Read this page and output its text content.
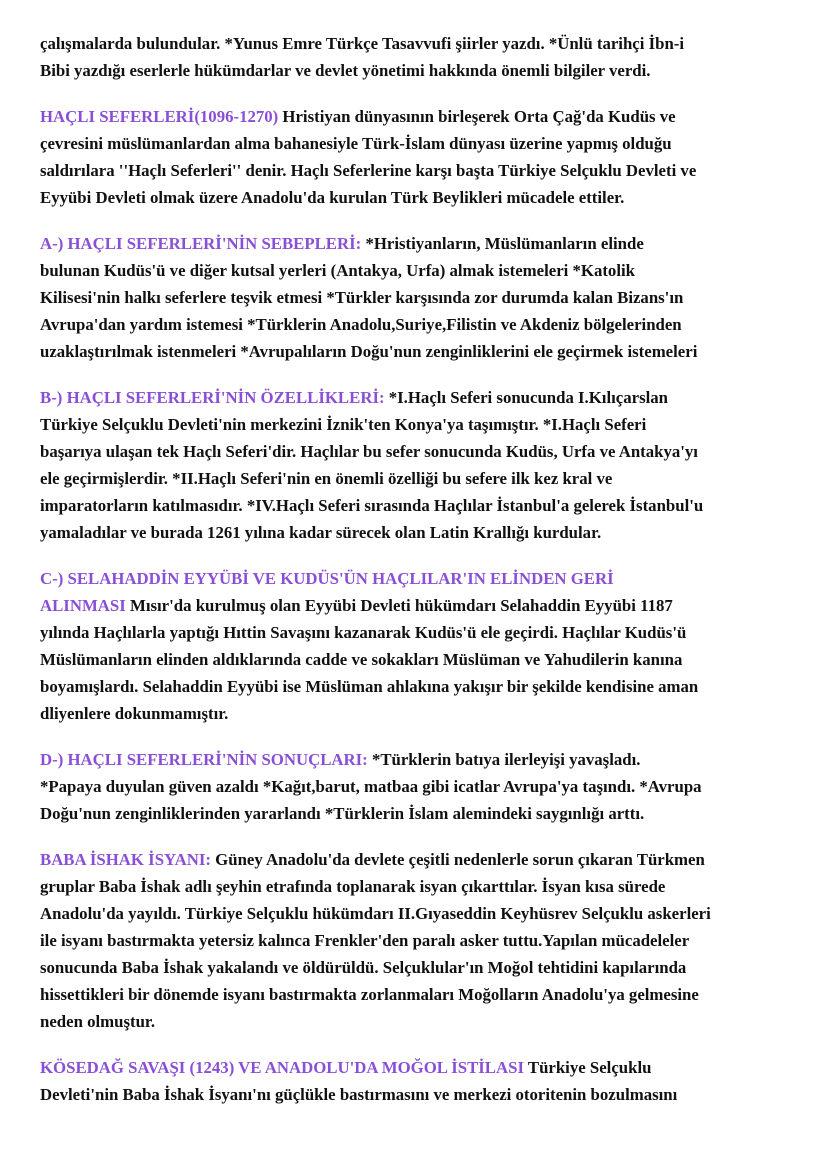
çalışmalarda bulundular. *Yunus Emre Türkçe Tasavvufi şiirler yazdı. *Ünlü tarihçi İbn-i
Bibi yazdığı eserlerle hükümdarlar ve devlet yönetimi hakkında önemli bilgiler verdi.

HAÇLI SEFERLERİ(1096-1270) Hristiyan dünyasının birleşerek Orta Çağ'da Kudüs ve
çevresini müslümanlardan alma bahanesiyle Türk-İslam dünyası üzerine yapmış olduğu
saldırılara ''Haçlı Seferleri'' denir. Haçlı Seferlerine karşı başta Türkiye Selçuklu Devleti ve
Eyyübi Devleti olmak üzere Anadolu'da kurulan Türk Beylikleri mücadele ettiler.

A-) HAÇLI SEFERLERİ'NİN SEBEPLERİ: *Hristiyanların, Müslümanların elinde
bulunan Kudüs'ü ve diğer kutsal yerleri (Antakya, Urfa) almak istemeleri *Katolik
Kilisesi'nin halkı seferlere teşvik etmesi *Türkler karşısında zor durumda kalan Bizans'ın
Avrupa'dan yardım istemesi *Türklerin Anadolu,Suriye,Filistin ve Akdeniz bölgelerinden
uzaklaştırılmak istenmeleri *Avrupalıların Doğu'nun zenginliklerini ele geçirmek istemeleri

B-) HAÇLI SEFERLERİ'NİN ÖZELLİKLERİ: *I.Haçlı Seferi sonucunda I.Kılıçarslan
Türkiye Selçuklu Devleti'nin merkezini İznik'ten Konya'ya taşımıştır. *I.Haçlı Seferi
başarıya ulaşan tek Haçlı Seferi'dir. Haçlılar bu sefer sonucunda Kudüs, Urfa ve Antakya'yı
ele geçirmişlerdir. *II.Haçlı Seferi'nin en önemli özelliği bu sefere ilk kez kral ve
imparatorların katılmasıdır. *IV.Haçlı Seferi sırasında Haçlılar İstanbul'a gelerek İstanbul'u
yamaladılar ve burada 1261 yılına kadar sürecek olan Latin Krallığı kurdular.

C-) SELAHADDİN EYYÜBİ VE KUDÜS'ÜN HAÇLILAR'IN ELİNDEN GERİ
ALINMASI Mısır'da kurulmuş olan Eyyübi Devleti hükümdarı Selahaddin Eyyübi 1187
yılında Haçlılarla yaptığı Hıttin Savaşını kazanarak Kudüs'ü ele geçirdi. Haçlılar Kudüs'ü
Müslümanların elinden aldıklarında cadde ve sokakları Müslüman ve Yahudilerin kanına
boyamışlardı. Selahaddin Eyyübi ise Müslüman ahlakına yakışır bir şekilde kendisine aman
dliyenlere dokunmamıştır.

D-) HAÇLI SEFERLERİ'NİN SONUÇLARI: *Türklerin batıya ilerleyişi yavaşladı.
*Papaya duyulan güven azaldı *Kağıt,barut, matbaa gibi icatlar Avrupa'ya taşındı. *Avrupa
Doğu'nun zenginliklerinden yararlandı *Türklerin İslam alemindeki saygınlığı arttı.

BABA İSHAK İSYANI: Güney Anadolu'da devlete çeşitli nedenlerle sorun çıkaran Türkmen
gruplar Baba İshak adlı şeyhin etrafında toplanarak isyan çıkarttılar. İsyan kısa sürede
Anadolu'da yayıldı. Türkiye Selçuklu hükümdarı II.Gıyaseddin Keyhüsrev Selçuklu askerleri
ile isyanı bastırmakta yetersiz kalınca Frenkler'den paralı asker tuttu.Yapılan mücadeleler
sonucunda Baba İshak yakalandı ve öldürüldü. Selçuklular'ın Moğol tehtidini kapılarında
hissettikleri bir dönemde isyanı bastırmakta zorlanmaları Moğolların Anadolu'ya gelmesine
neden olmuştur.

KÖSEDAĞ SAVAŞI (1243) VE ANADOLU'DA MOĞOL İSTİLASI Türkiye Selçuklu
Devleti'nin Baba İshak İsyanı'nı güçlükle bastırmasını ve merkezi otoritenin bozulmasını
